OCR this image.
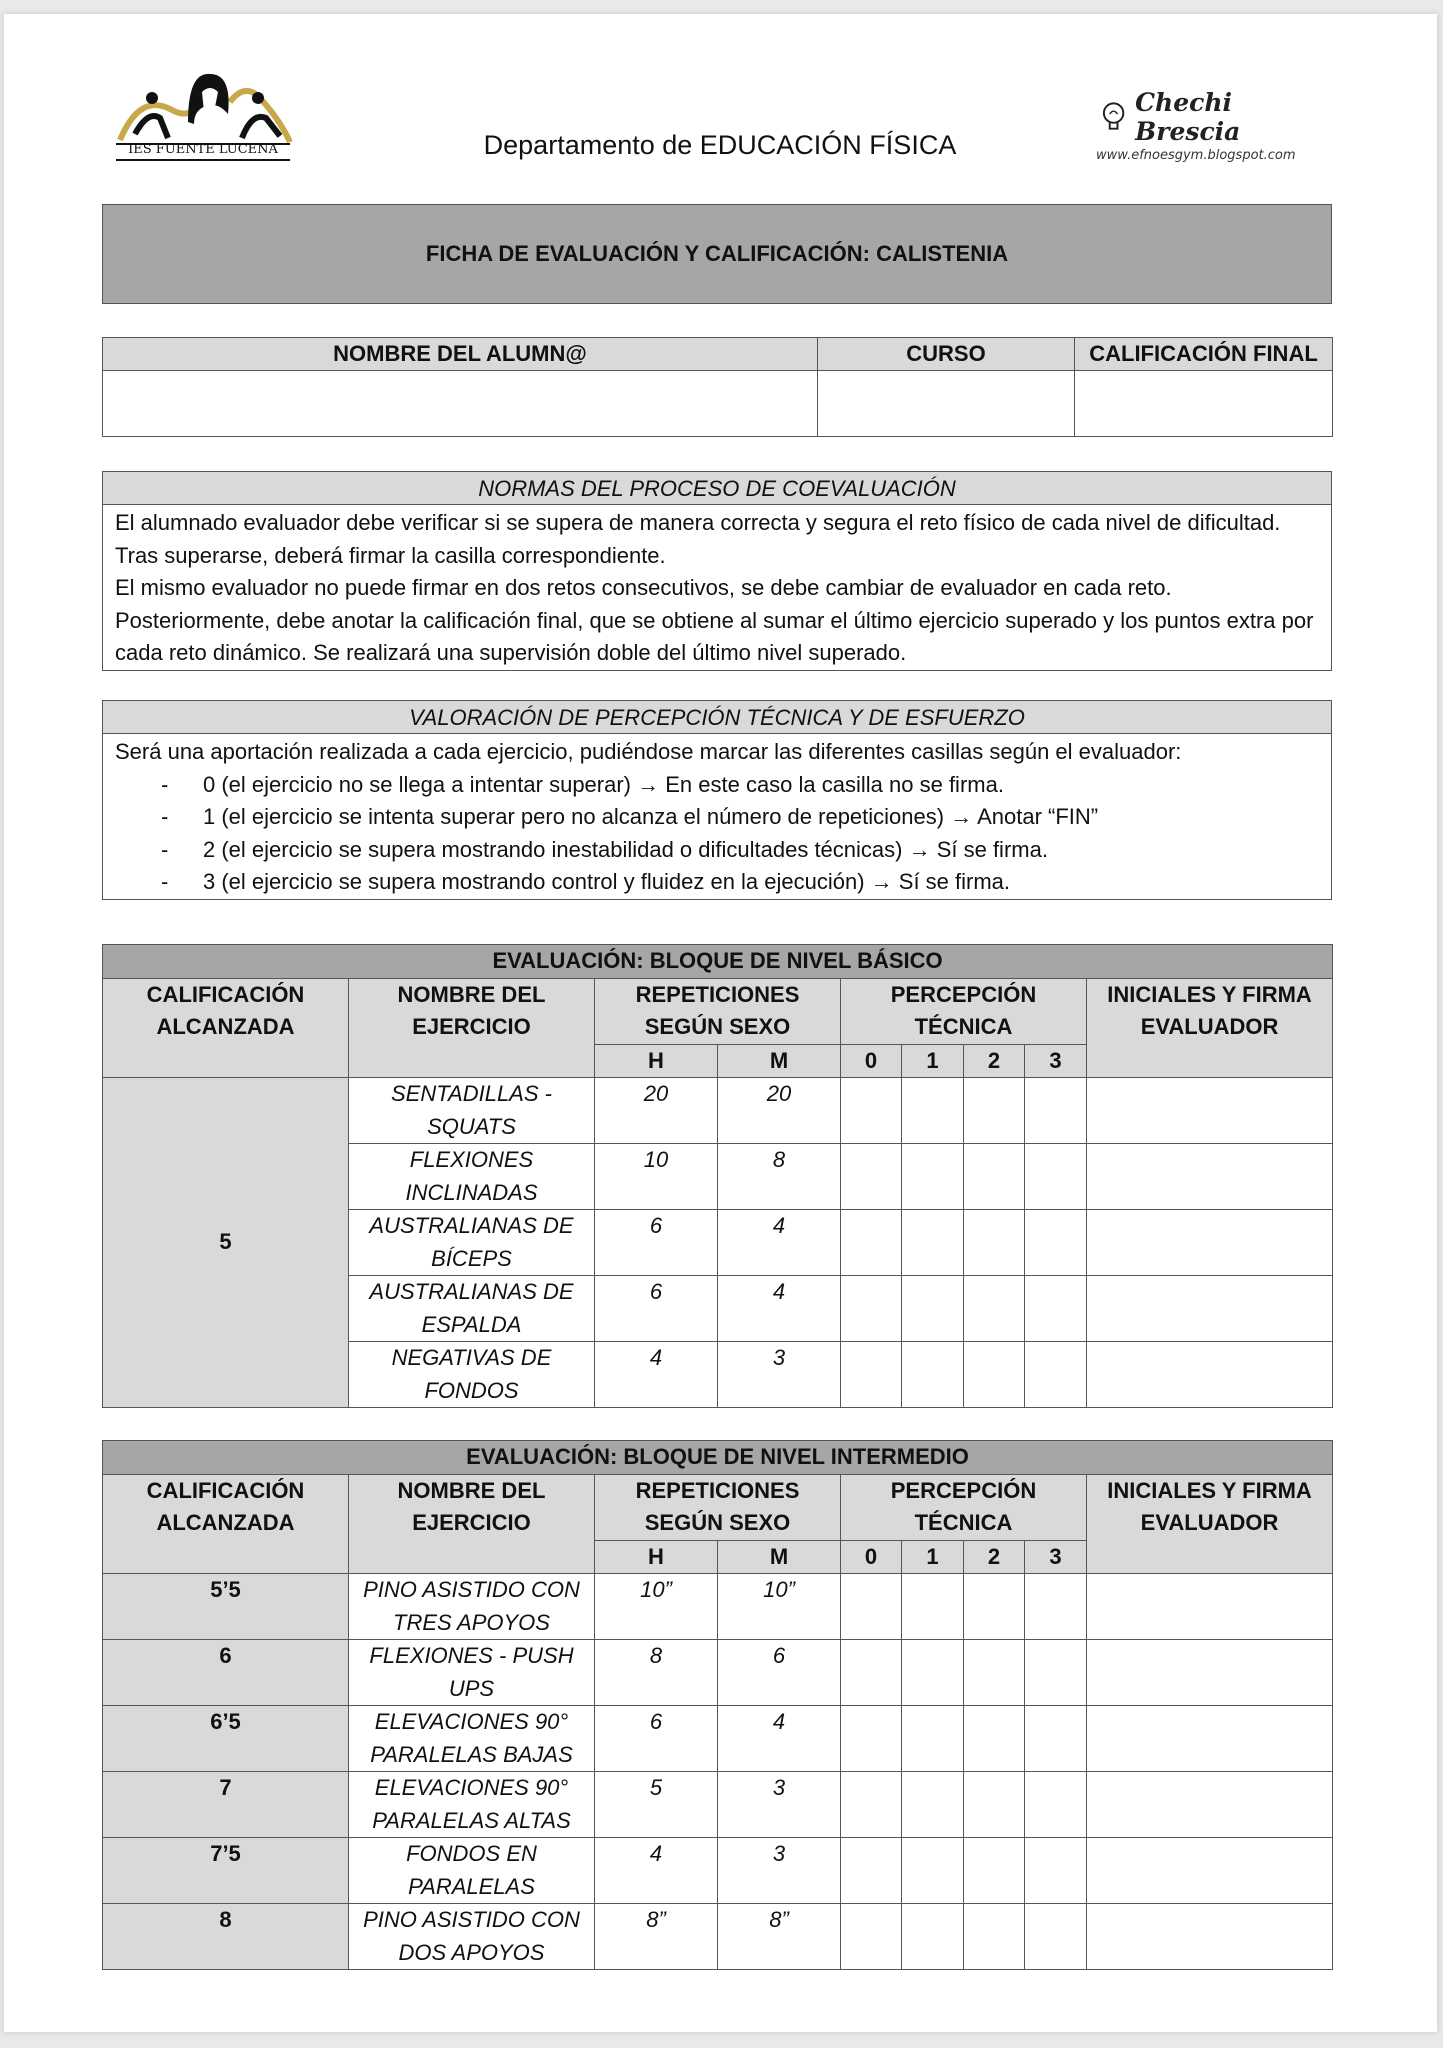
IES FUENTE LUCENA	Departamento de EDUCACIÓN FÍSICA
Chechi Brescia
www.efnoesgym.blogspot.com
FICHA DE EVALUACIÓN Y CALIFICACIÓN: CALISTENIA
NOMBRE DEL ALUMN@	CURSO	CALIFICACIÓN FINAL

NORMAS DEL PROCESO DE COEVALUACIÓN
El alumnado evaluador debe verificar si se supera de manera correcta y segura el reto físico de cada nivel de dificultad. Tras superarse, deberá firmar la casilla correspondiente.
El mismo evaluador no puede firmar en dos retos consecutivos, se debe cambiar de evaluador en cada reto. Posteriormente, debe anotar la calificación final, que se obtiene al sumar el último ejercicio superado y los puntos extra por cada reto dinámico. Se realizará una supervisión doble del último nivel superado.
VALORACIÓN DE PERCEPCIÓN TÉCNICA Y DE ESFUERZO
Será una aportación realizada a cada ejercicio, pudiéndose marcar las diferentes casillas según el evaluador:
- 0 (el ejercicio no se llega a intentar superar) → En este caso la casilla no se firma.
- 1 (el ejercicio se intenta superar pero no alcanza el número de repeticiones) → Anotar “FIN”
- 2 (el ejercicio se supera mostrando inestabilidad o dificultades técnicas) → Sí se firma.
- 3 (el ejercicio se supera mostrando control y fluidez en la ejecución) → Sí se firma.
EVALUACIÓN: BLOQUE DE NIVEL BÁSICO								
CALIFICACIÓN ALCANZADA	NOMBRE DEL EJERCICIO	REPETICIONES SEGÚN SEXO		PERCEPCIÓN TÉCNICA				INICIALES Y FIRMA EVALUADOR
		H	M	0	1	2	3	
5	SENTADILLAS - SQUATS	20	20					
	FLEXIONES INCLINADAS	10	8					
	AUSTRALIANAS DE BÍCEPS	6	4					
	AUSTRALIANAS DE ESPALDA	6	4					
	NEGATIVAS DE FONDOS	4	3					
EVALUACIÓN: BLOQUE DE NIVEL INTERMEDIO								
CALIFICACIÓN ALCANZADA	NOMBRE DEL EJERCICIO	REPETICIONES SEGÚN SEXO		PERCEPCIÓN TÉCNICA				INICIALES Y FIRMA EVALUADOR
		H	M	0	1	2	3	
5’5	PINO ASISTIDO CON TRES APOYOS	10”	10”					
6	FLEXIONES - PUSH UPS	8	6					
6’5	ELEVACIONES 90° PARALELAS BAJAS	6	4					
7	ELEVACIONES 90° PARALELAS ALTAS	5	3					
7’5	FONDOS EN PARALELAS	4	3					
8	PINO ASISTIDO CON DOS APOYOS	8”	8”					
